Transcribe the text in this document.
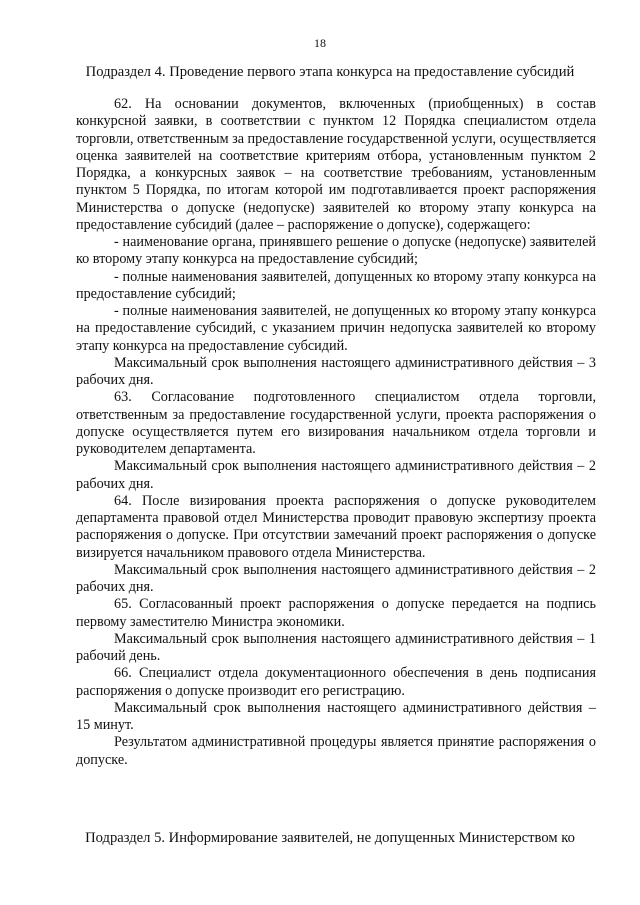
18
Подраздел 4. Проведение первого этапа конкурса на предоставление субсидий

62. На основании документов, включенных (приобщенных) в состав конкурсной заявки, в соответствии с пунктом 12 Порядка специалистом отдела торговли, ответственным за предоставление государственной услуги, осуществляется оценка заявителей на соответствие критериям отбора, установленным пунктом 2 Порядка, а конкурсных заявок – на соответствие требованиям, установленным пунктом 5 Порядка, по итогам которой им подготавливается проект распоряжения Министерства о допуске (недопуске) заявителей ко второму этапу конкурса на предоставление субсидий (далее – распоряжение о допуске), содержащего:

- наименование органа, принявшего решение о допуске (недопуске) заявителей ко второму этапу конкурса на предоставление субсидий;

- полные наименования заявителей, допущенных ко второму этапу конкурса на предоставление субсидий;

- полные наименования заявителей, не допущенных ко второму этапу конкурса на предоставление субсидий, с указанием причин недопуска заявителей ко второму этапу конкурса на предоставление субсидий.

Максимальный срок выполнения настоящего административного действия – 3 рабочих дня.

63. Согласование подготовленного специалистом отдела торговли, ответственным за предоставление государственной услуги, проекта распоряжения о допуске осуществляется путем его визирования начальником отдела торговли и руководителем департамента.

Максимальный срок выполнения настоящего административного действия – 2 рабочих дня.

64. После визирования проекта распоряжения о допуске руководителем департамента правовой отдел Министерства проводит правовую экспертизу проекта распоряжения о допуске. При отсутствии замечаний проект распоряжения о допуске визируется начальником правового отдела Министерства.

Максимальный срок выполнения настоящего административного действия – 2 рабочих дня.

65. Согласованный проект распоряжения о допуске передается на подпись первому заместителю Министра экономики.

Максимальный срок выполнения настоящего административного действия – 1 рабочий день.

66. Специалист отдела документационного обеспечения в день подписания распоряжения о допуске производит его регистрацию.

Максимальный срок выполнения настоящего административного действия – 15 минут.

Результатом административной процедуры является принятие распоряжения о допуске.

Подраздел 5. Информирование заявителей, не допущенных Министерством ко
